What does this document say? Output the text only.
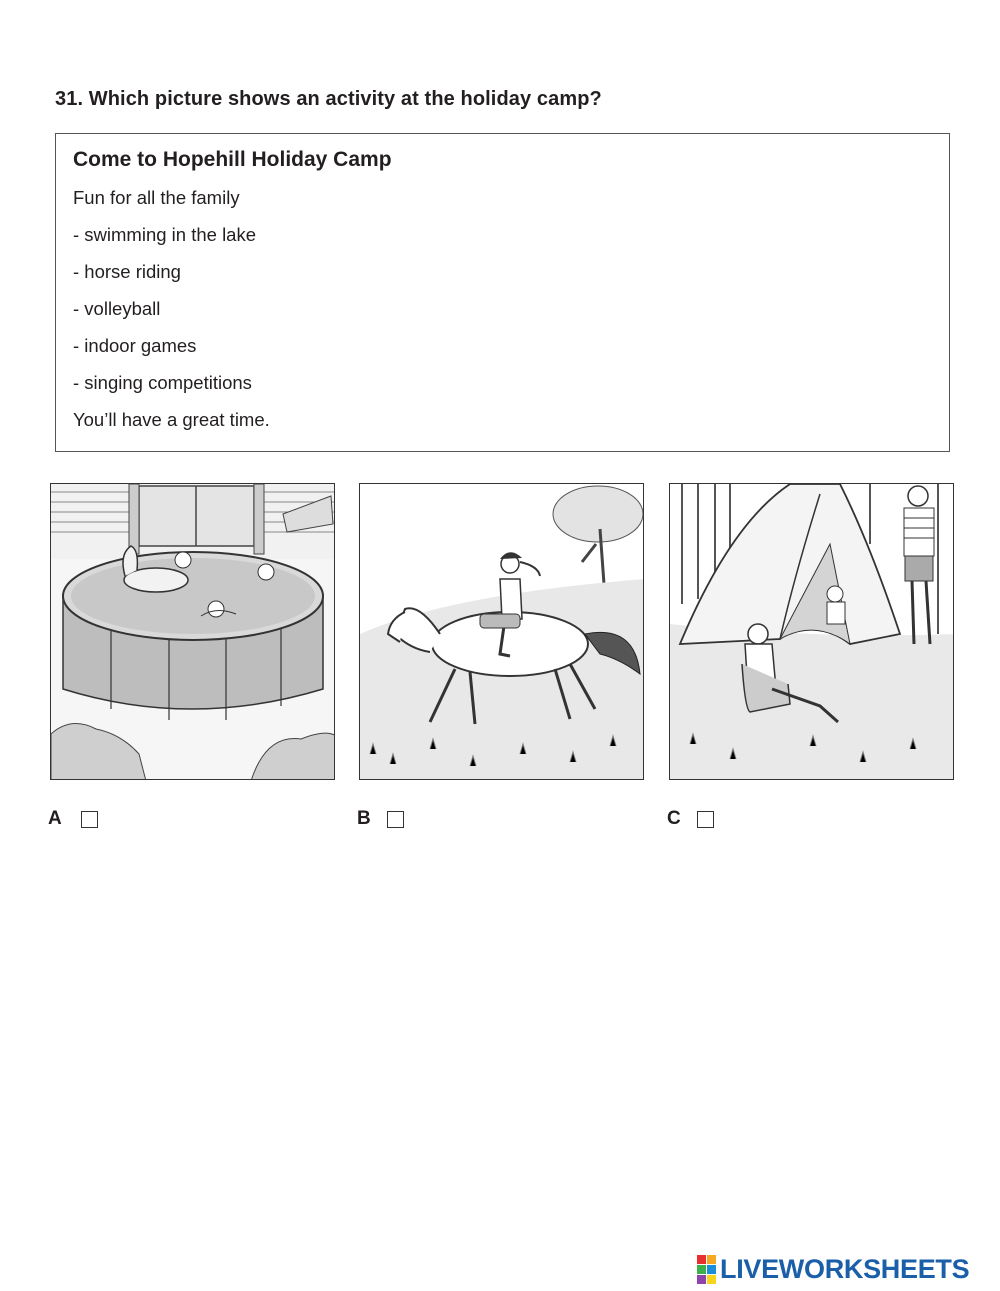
31. Which picture shows an activity at the holiday camp?
Come to Hopehill Holiday Camp
Fun for all the family
- swimming in the lake
- horse riding
- volleyball
- indoor games
- singing competitions
You’ll have a great time.
A	B	C
LIVEWORKSHEETS
